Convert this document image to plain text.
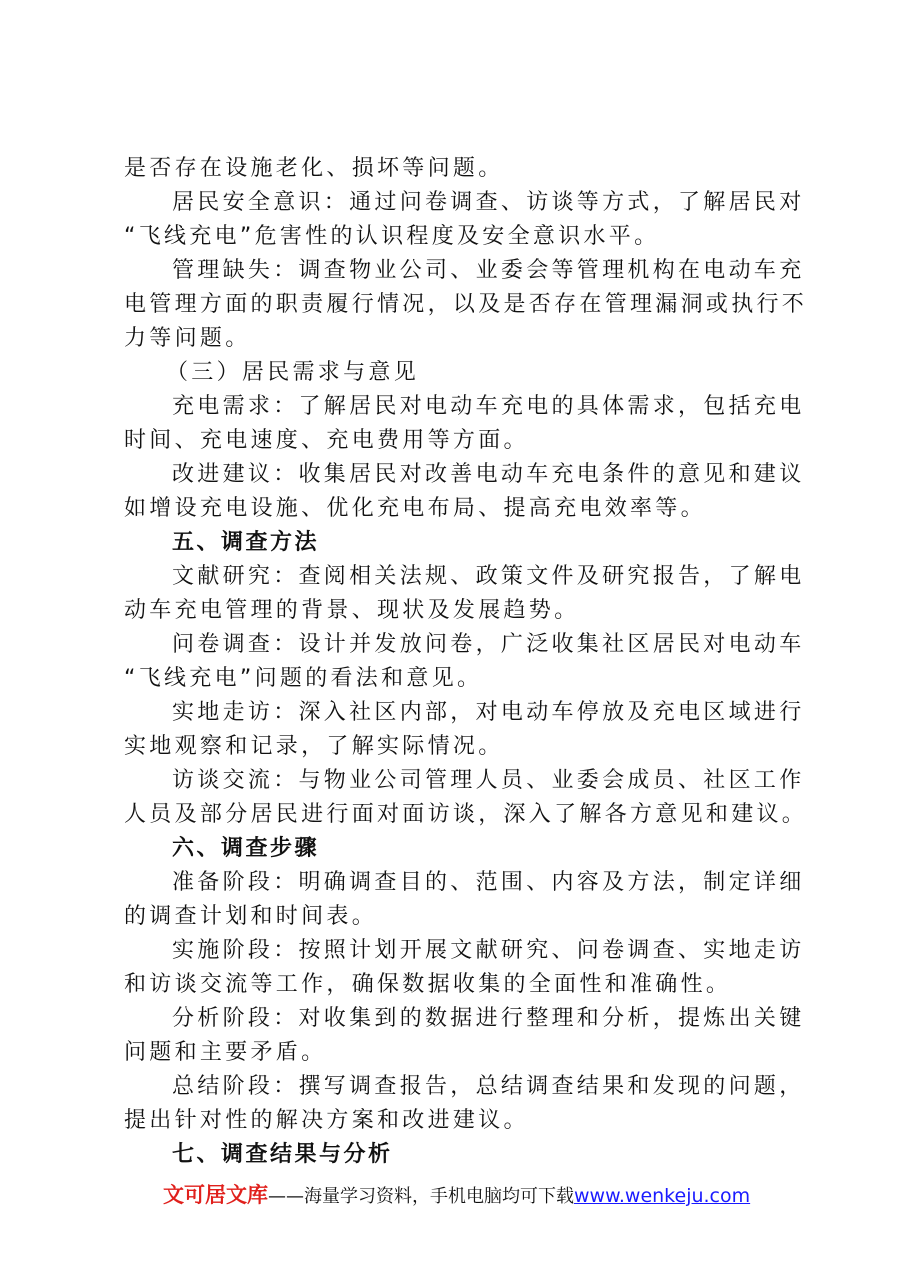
是否存在设施老化、损坏等问题。
居民安全意识：通过问卷调查、访谈等方式，了解居民对
“飞线充电”危害性的认识程度及安全意识水平。
管理缺失：调查物业公司、业委会等管理机构在电动车充
电管理方面的职责履行情况，以及是否存在管理漏洞或执行不
力等问题。
（三）居民需求与意见
充电需求：了解居民对电动车充电的具体需求，包括充电
时间、充电速度、充电费用等方面。
改进建议：收集居民对改善电动车充电条件的意见和建议
如增设充电设施、优化充电布局、提高充电效率等。
五、调查方法
文献研究：查阅相关法规、政策文件及研究报告，了解电
动车充电管理的背景、现状及发展趋势。
问卷调查：设计并发放问卷，广泛收集社区居民对电动车
“飞线充电”问题的看法和意见。
实地走访：深入社区内部，对电动车停放及充电区域进行
实地观察和记录，了解实际情况。
访谈交流：与物业公司管理人员、业委会成员、社区工作
人员及部分居民进行面对面访谈，深入了解各方意见和建议。
六、调查步骤
准备阶段：明确调查目的、范围、内容及方法，制定详细
的调查计划和时间表。
实施阶段：按照计划开展文献研究、问卷调查、实地走访
和访谈交流等工作，确保数据收集的全面性和准确性。
分析阶段：对收集到的数据进行整理和分析，提炼出关键
问题和主要矛盾。
总结阶段：撰写调查报告，总结调查结果和发现的问题，
提出针对性的解决方案和改进建议。
七、调查结果与分析
文可居文库——海量学习资料，手机电脑均可下载www.wenkeju.com
